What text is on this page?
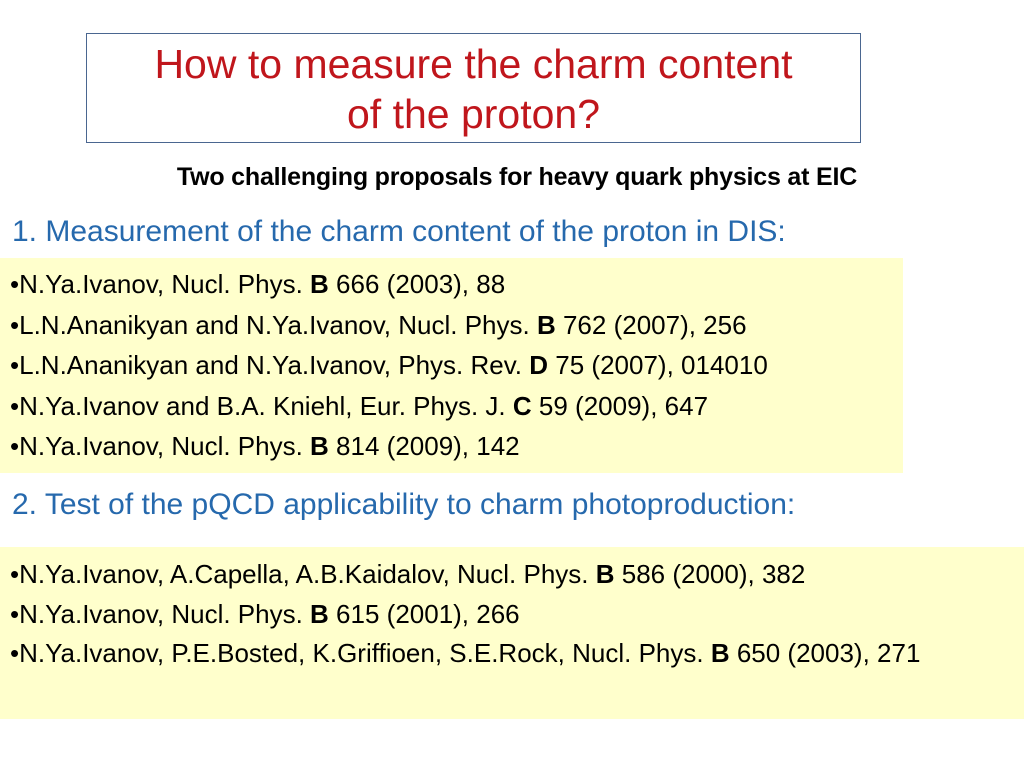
How to measure the charm content
of the proton?
Two challenging proposals for heavy quark physics at EIC
1. Measurement of the charm content of the proton in DIS:
•N.Ya.Ivanov, Nucl. Phys. B 666 (2003), 88
•L.N.Ananikyan and N.Ya.Ivanov, Nucl. Phys. B 762 (2007), 256
•L.N.Ananikyan and N.Ya.Ivanov, Phys. Rev. D 75 (2007), 014010
•N.Ya.Ivanov and B.A. Kniehl, Eur. Phys. J. C 59 (2009), 647
•N.Ya.Ivanov, Nucl. Phys. B 814 (2009), 142
2. Test of the pQCD applicability to charm photoproduction:
•N.Ya.Ivanov, A.Capella, A.B.Kaidalov, Nucl. Phys. B 586 (2000), 382
•N.Ya.Ivanov, Nucl. Phys. B 615 (2001), 266
•N.Ya.Ivanov, P.E.Bosted, K.Griffioen, S.E.Rock, Nucl. Phys. B 650 (2003), 271
